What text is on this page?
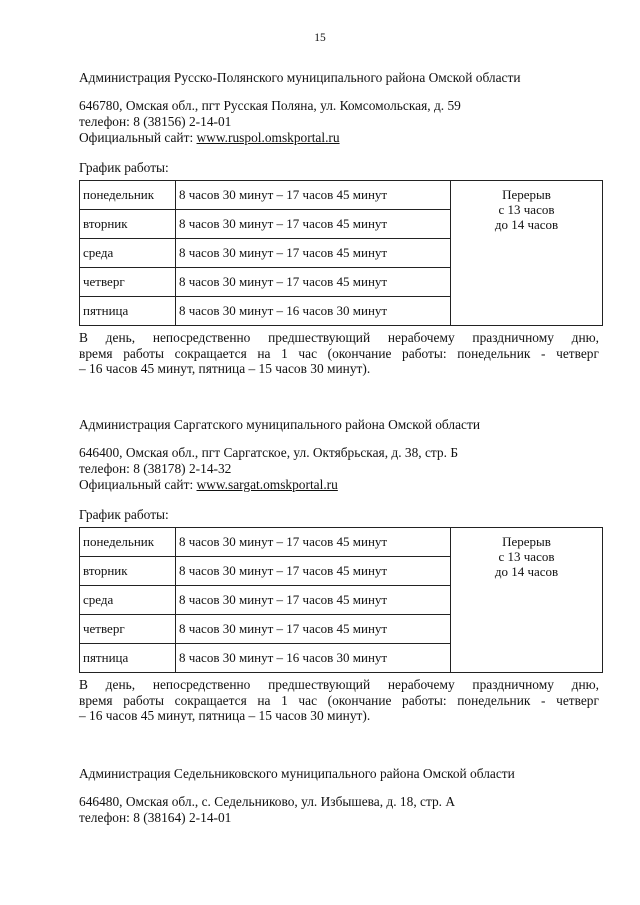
15
Администрация Русско-Полянского муниципального района Омской области
646780, Омская обл., пгт Русская Поляна, ул. Комсомольская, д. 59
телефон: 8 (38156) 2-14-01
Официальный сайт: www.ruspol.omskportal.ru
График работы:
понедельник	8 часов 30 минут – 17 часов 45 минут	Перерыв
с 13 часов
до 14 часов

вторник	8 часов 30 минут – 17 часов 45 минут	
среда	8 часов 30 минут – 17 часов 45 минут	
четверг	8 часов 30 минут – 17 часов 45 минут	
пятница	8 часов 30 минут – 16 часов 30 минут	
В день, непосредственно предшествующий нерабочему праздничному дню,
время работы сокращается на 1 час (окончание работы: понедельник - четверг
– 16 часов 45 минут, пятница – 15 часов 30 минут).
Администрация Саргатского муниципального района Омской области
646400, Омская обл., пгт Саргатское, ул. Октябрьская, д. 38, стр. Б
телефон: 8 (38178) 2-14-32
Официальный сайт: www.sargat.omskportal.ru
График работы:
понедельник	8 часов 30 минут – 17 часов 45 минут	Перерыв
с 13 часов
до 14 часов

вторник	8 часов 30 минут – 17 часов 45 минут	
среда	8 часов 30 минут – 17 часов 45 минут	
четверг	8 часов 30 минут – 17 часов 45 минут	
пятница	8 часов 30 минут – 16 часов 30 минут	
В день, непосредственно предшествующий нерабочему праздничному дню,
время работы сокращается на 1 час (окончание работы: понедельник - четверг
– 16 часов 45 минут, пятница – 15 часов 30 минут).
Администрация Седельниковского муниципального района Омской области
646480, Омская обл., с. Седельниково, ул. Избышева, д. 18, стр. А
телефон: 8 (38164) 2-14-01
